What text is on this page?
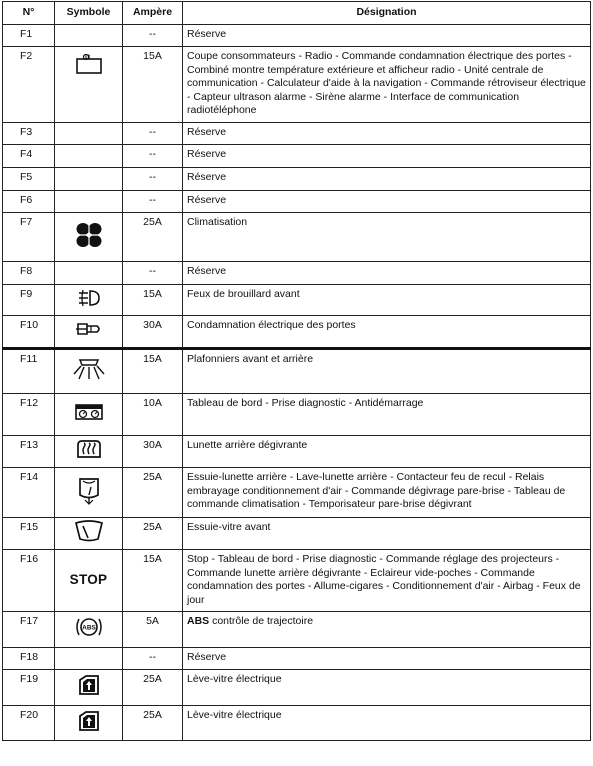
N°	Symbole	Ampère	Désignation
F1		--	Réserve
F2		15A	Coupe consommateurs - Radio - Commande condamnation électrique des portes - Combiné montre température extérieure et afficheur radio - Unité centrale de communication - Calculateur d'aide à la navigation - Commande rétroviseur électrique - Capteur ultrason alarme - Sirène alarme - Interface de communication radiotéléphone
F3		--	Réserve
F4		--	Réserve
F5		--	Réserve
F6		--	Réserve
F7		25A	Climatisation
F8		--	Réserve
F9		15A	Feux de brouillard avant
F10		30A	Condamnation électrique des portes
F11		15A	Plafonniers avant et arrière
F12		10A	Tableau de bord - Prise diagnostic - Antidémarrage
F13		30A	Lunette arrière dégivrante
F14		25A	Essuie-lunette arrière - Lave-lunette arrière - Contacteur feu de recul - Relais embrayage conditionnement d'air - Commande dégivrage pare-brise - Tableau de commande climatisation - Temporisateur pare-brise dégivrant
F15		25A	Essuie-vitre avant
F16	STOP	15A	Stop - Tableau de bord - Prise diagnostic - Commande réglage des projecteurs - Commande lunette arrière dégivrante - Eclaireur vide-poches - Commande condamnation des portes - Allume-cigares - Conditionnement d'air - Airbag - Feux de jour
F17	ABS	5A	ABS contrôle de trajectoire
F18		--	Réserve
F19		25A	Lève-vitre électrique
F20		25A	Lève-vitre électrique
